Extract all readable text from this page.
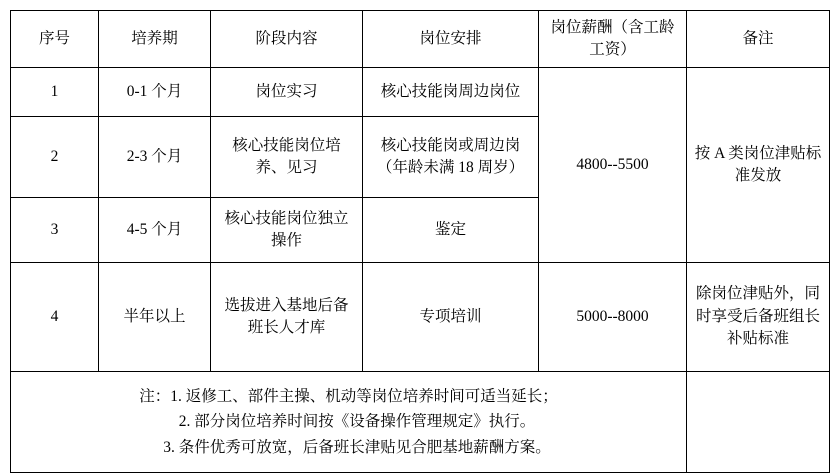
序号	培养期	阶段内容	岗位安排	岗位薪酬（含工龄工资）	备注
1	0-1 个月	岗位实习	核心技能岗周边岗位	4800--5500	按 A 类岗位津贴标准发放
2	2-3 个月	核心技能岗位培养、见习	核心技能岗或周边岗（年龄未满 18 周岁）		
3	4-5 个月	核心技能岗位独立操作	鉴定		
4	半年以上	选拔进入基地后备班长人才库	专项培训	5000--8000	除岗位津贴外，同时享受后备班组长补贴标准

注：1. 返修工、部件主操、机动等岗位培养时间可适当延长；
2. 部分岗位培养时间按《设备操作管理规定》执行。
3. 条件优秀可放宽，后备班长津贴见合肥基地薪酬方案。					
